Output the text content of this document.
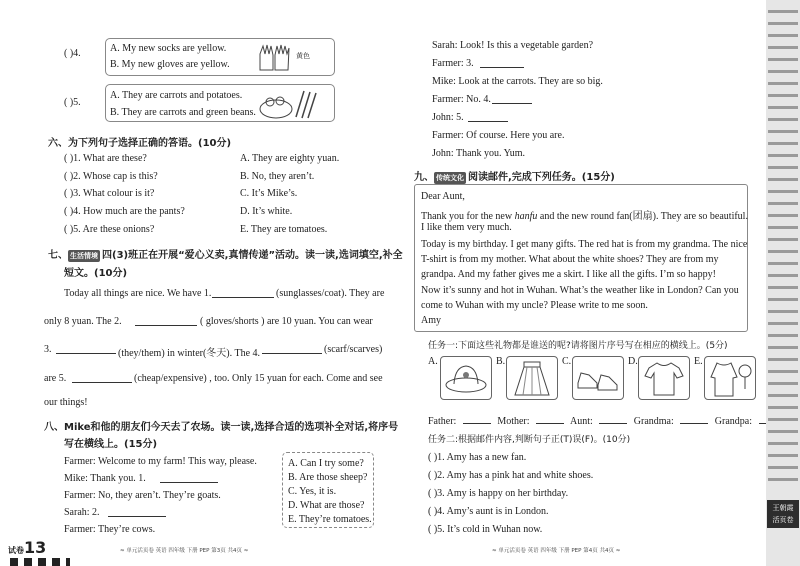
( )4.	A. My new socks are yellow.
B. My new gloves are yellow.
黄色
( )5.
A. They are carrots and potatoes.
B. They are carrots and green beans.
六、为下列句子选择正确的答语。(10分)
( )1. What are these?
( )2. Whose cap is this?
( )3. What colour is it?
( )4. How much are the pants?
( )5. Are these onions?
A. They are eighty yuan.
B. No, they aren’t.
C. It’s Mike’s.
D. It’s white.
E. They are tomatoes.
七、 生活情境 四(3)班正在开展“爱心义卖,真情传递”活动。读一读,选词填空,补全
短文。(10分)
Today all things are nice. We have 1.	(sunglasses/coat). They are
only 8 yuan. The 2.	( gloves/shorts ) are 10 yuan. You can wear
3.	(they/them) in winter(冬天). The 4.	(scarf/scarves)
are 5.	(cheap/expensive) , too. Only 15 yuan for each. Come and see
our things!
八、Mike和他的朋友们今天去了农场。读一读,选择合适的选项补全对话,将序号
写在横线上。(15分)
Farmer: Welcome to my farm! This way, please.
Mike: Thank you. 1.
Farmer: No, they aren’t. They’re goats.
Sarah: 2.
Farmer: They’re cows.
A. Can I try some?
B. Are those sheep?
C. Yes, it is.
D. What are those?
E. They’re tomatoes.
试卷13	≈ 单元活页卷 英语 四年级 下册 PEP 第3页 共4页 ≈
Sarah: Look! Is this a vegetable garden?
Farmer: 3.
Mike: Look at the carrots. They are so big.
Farmer: No. 4.
John: 5.
Farmer: Of course. Here you are.
John: Thank you. Yum.
九、 传统文化 阅读邮件,完成下列任务。(15分)
Dear Aunt,
Thank you for the new hanfu and the new round fan(团扇). They are so beautiful.
I like them very much.
Today is my birthday. I get many gifts. The red hat is from my grandma. The nice
T-shirt is from my mother. What about the white shoes? They are from my
grandpa. And my father gives me a skirt. I like all the gifts. I’m so happy!
Now it’s sunny and hot in Wuhan. What’s the weather like in London? Can you
come to Wuhan with my uncle? Please write to me soon.
Amy
任务一:下面这些礼物都是谁送的呢?请将图片序号写在相应的横线上。(5分)
A.	B.	C.	D.	E.
Father:	Mother:	Aunt:	Grandma:	Grandpa:
任务二:根据邮件内容,判断句子正(T)误(F)。(10分)
( )1. Amy has a new fan.
( )2. Amy has a pink hat and white shoes.
( )3. Amy is happy on her birthday.
( )4. Amy’s aunt is in London.
( )5. It’s cold in Wuhan now.
≈ 单元活页卷 英语 四年级 下册 PEP 第4页 共4页 ≈
王朝霞
活页卷
